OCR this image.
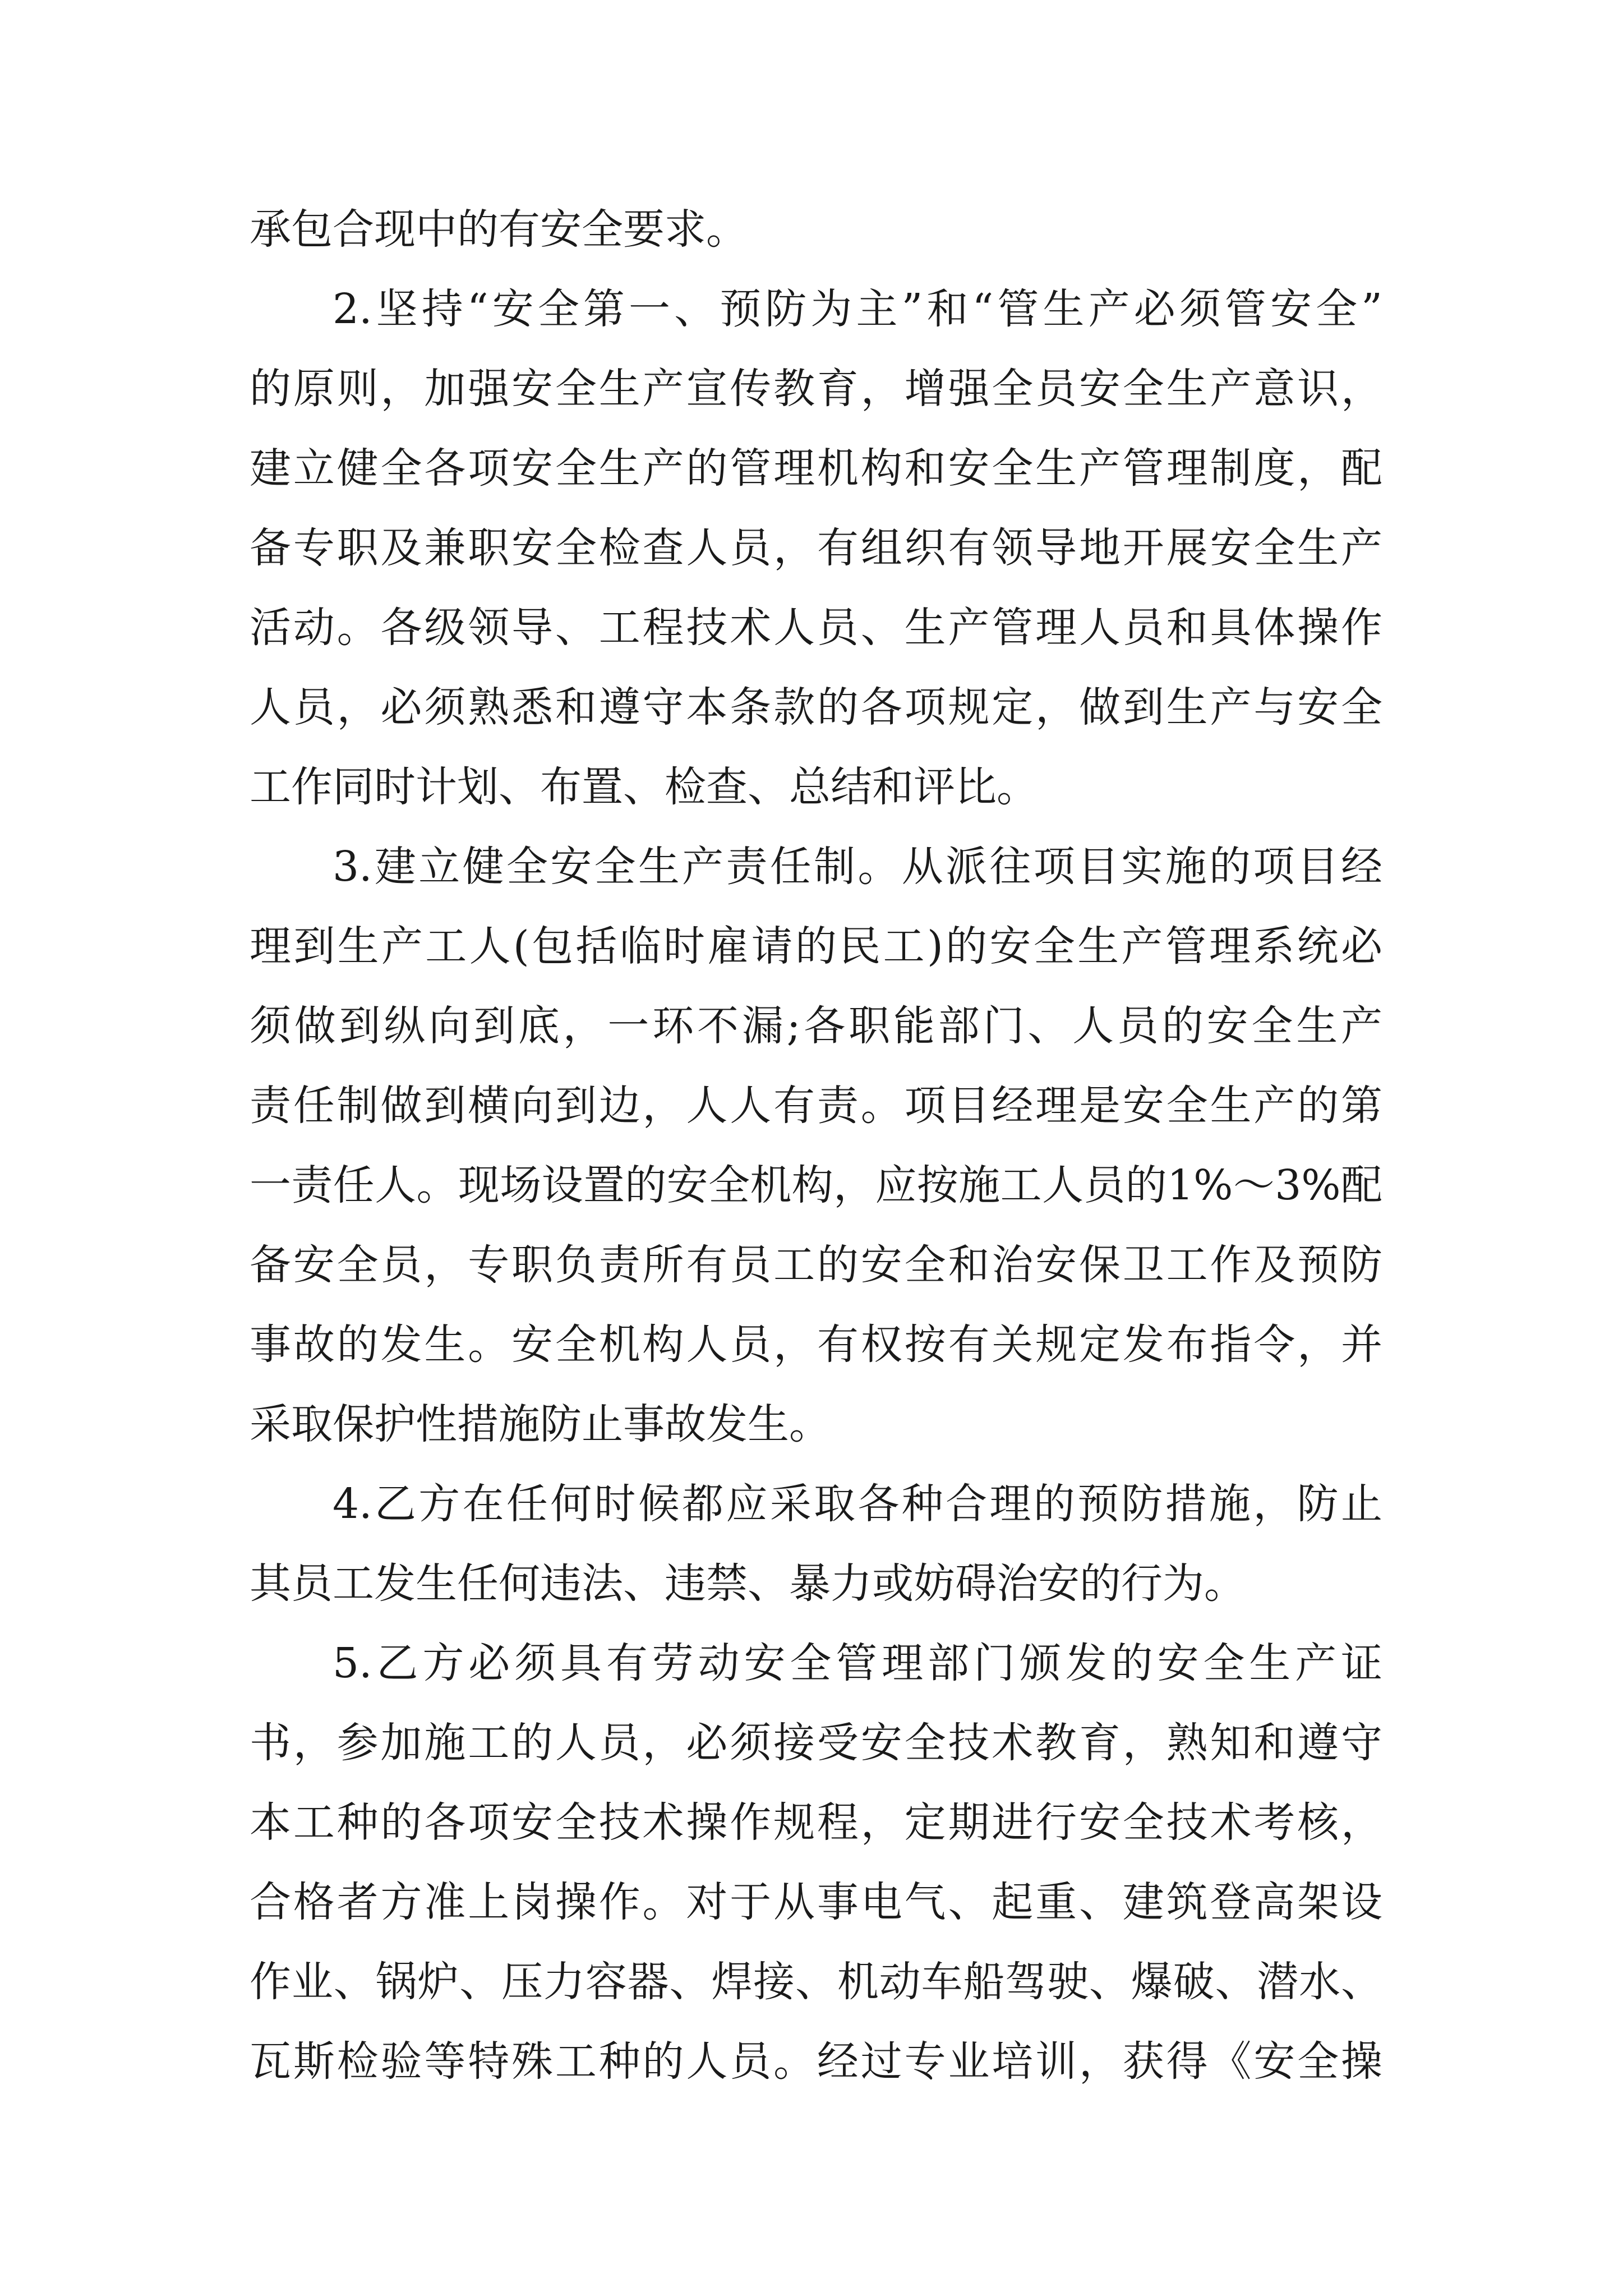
承包合现中的有安全要求。
2.坚持“安全第一、预防为主”和“管生产必须管安全”
的原则，加强安全生产宣传教育，增强全员安全生产意识，
建立健全各项安全生产的管理机构和安全生产管理制度，配
备专职及兼职安全检查人员，有组织有领导地开展安全生产
活动。各级领导、工程技术人员、生产管理人员和具体操作
人员，必须熟悉和遵守本条款的各项规定，做到生产与安全
工作同时计划、布置、检查、总结和评比。
3.建立健全安全生产责任制。从派往项目实施的项目经
理到生产工人(包括临时雇请的民工)的安全生产管理系统必
须做到纵向到底，一环不漏;各职能部门、人员的安全生产
责任制做到横向到边，人人有责。项目经理是安全生产的第
一责任人。现场设置的安全机构，应按施工人员的1%～3%配
备安全员，专职负责所有员工的安全和治安保卫工作及预防
事故的发生。安全机构人员，有权按有关规定发布指令，并
采取保护性措施防止事故发生。
4.乙方在任何时候都应采取各种合理的预防措施，防止
其员工发生任何违法、违禁、暴力或妨碍治安的行为。
5.乙方必须具有劳动安全管理部门颁发的安全生产证
书，参加施工的人员，必须接受安全技术教育，熟知和遵守
本工种的各项安全技术操作规程，定期进行安全技术考核，
合格者方准上岗操作。对于从事电气、起重、建筑登高架设
作业、锅炉、压力容器、焊接、机动车船驾驶、爆破、潜水、
瓦斯检验等特殊工种的人员。经过专业培训，获得《安全操
